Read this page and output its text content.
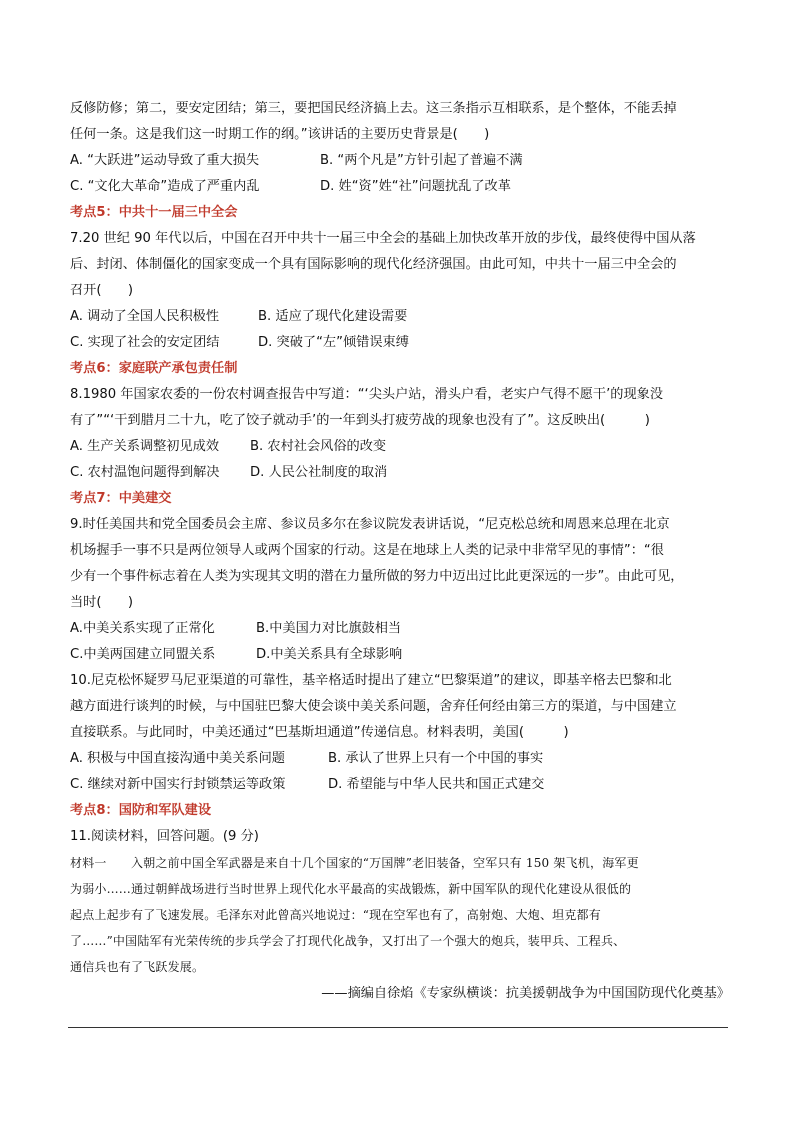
反修防修；第二，要安定团结；第三，要把国民经济搞上去。这三条指示互相联系，是个整体，不能丢掉

任何一条。这是我们这一时期工作的纲。”该讲话的主要历史背景是(　　)

A. “大跃进”运动导致了重大损失	B. “两个凡是”方针引起了普遍不满
C. “文化大革命”造成了严重内乱	D. 姓“资”姓“社”问题扰乱了改革

考点5：中共十一届三中全会

7.20 世纪 90 年代以后，中国在召开中共十一届三中全会的基础上加快改革开放的步伐，最终使得中国从落

后、封闭、体制僵化的国家变成一个具有国际影响的现代化经济强国。由此可知，中共十一届三中全会的

召开(　　)

A. 调动了全国人民积极性	B. 适应了现代化建设需要
C. 实现了社会的安定团结	D. 突破了“左”倾错误束缚

考点6：家庭联产承包责任制

8.1980 年国家农委的一份农村调查报告中写道：“‘尖头户站，滑头户看，老实户气得不愿干’的现象没

有了”“‘干到腊月二十九，吃了饺子就动手’的一年到头打疲劳战的现象也没有了”。这反映出(　　　)

A. 生产关系调整初见成效	B. 农村社会风俗的改变
C. 农村温饱问题得到解决	D. 人民公社制度的取消

考点7：中美建交

9.时任美国共和党全国委员会主席、参议员多尔在参议院发表讲话说，“尼克松总统和周恩来总理在北京

机场握手一事不只是两位领导人或两个国家的行动。这是在地球上人类的记录中非常罕见的事情”：“很

少有一个事件标志着在人类为实现其文明的潜在力量所做的努力中迈出过比此更深远的一步”。由此可见，

当时(　　)

A.中美关系实现了正常化	B.中美国力对比旗鼓相当
C.中美两国建立同盟关系	D.中美关系具有全球影响

10.尼克松怀疑罗马尼亚渠道的可靠性，基辛格适时提出了建立“巴黎渠道”的建议，即基辛格去巴黎和北

越方面进行谈判的时候，与中国驻巴黎大使会谈中美关系问题，舍弃任何经由第三方的渠道，与中国建立

直接联系。与此同时，中美还通过“巴基斯坦通道”传递信息。材料表明，美国(　　　)

A. 积极与中国直接沟通中美关系问题	B. 承认了世界上只有一个中国的事实
C. 继续对新中国实行封锁禁运等政策	D. 希望能与中华人民共和国正式建交

考点8：国防和军队建设

11.阅读材料，回答问题。(9 分)

材料一　　入朝之前中国全军武器是来自十几个国家的“万国牌”老旧装备，空军只有 150 架飞机，海军更

为弱小……通过朝鲜战场进行当时世界上现代化水平最高的实战锻炼，新中国军队的现代化建设从很低的

起点上起步有了飞速发展。毛泽东对此曾高兴地说过：“现在空军也有了，高射炮、大炮、坦克都有

了……”中国陆军有光荣传统的步兵学会了打现代化战争，又打出了一个强大的炮兵，装甲兵、工程兵、

通信兵也有了飞跃发展。

——摘编自徐焰《专家纵横谈：抗美援朝战争为中国国防现代化奠基》
